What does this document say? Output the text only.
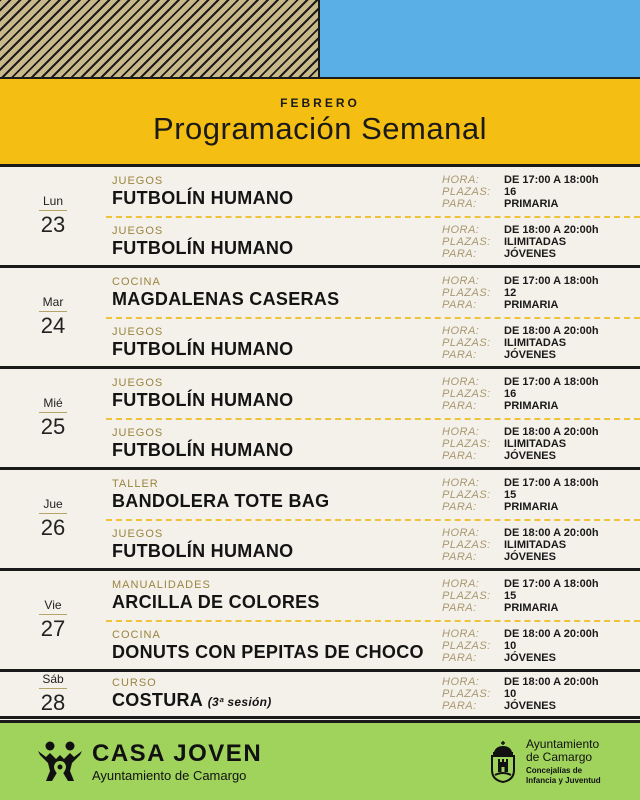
FEBRERO
Programación Semanal
Lun
23
JUEGOS
FUTBOLÍN HUMANO
HORA:	DE 17:00 A 18:00h
PLAZAS:	16
PARA:	PRIMARIA
JUEGOS
FUTBOLÍN HUMANO
HORA:	DE 18:00 A 20:00h
PLAZAS:	ILIMITADAS
PARA:	JÓVENES
Mar
24
COCINA
MAGDALENAS CASERAS
HORA:	DE 17:00 A 18:00h
PLAZAS:	12
PARA:	PRIMARIA
JUEGOS
FUTBOLÍN HUMANO
HORA:	DE 18:00 A 20:00h
PLAZAS:	ILIMITADAS
PARA:	JÓVENES
Mié
25
JUEGOS
FUTBOLÍN HUMANO
HORA:	DE 17:00 A 18:00h
PLAZAS:	16
PARA:	PRIMARIA
JUEGOS
FUTBOLÍN HUMANO
HORA:	DE 18:00 A 20:00h
PLAZAS:	ILIMITADAS
PARA:	JÓVENES
Jue
26
TALLER
BANDOLERA TOTE BAG
HORA:	DE 17:00 A 18:00h
PLAZAS:	15
PARA:	PRIMARIA
JUEGOS
FUTBOLÍN HUMANO
HORA:	DE 18:00 A 20:00h
PLAZAS:	ILIMITADAS
PARA:	JÓVENES
Vie
27
MANUALIDADES
ARCILLA DE COLORES
HORA:	DE 17:00 A 18:00h
PLAZAS:	15
PARA:	PRIMARIA
COCINA
DONUTS CON PEPITAS DE CHOCO
HORA:	DE 18:00 A 20:00h
PLAZAS:	10
PARA:	JÓVENES
Sáb
28
CURSO
COSTURA (3ª sesión)
HORA:	DE 18:00 A 20:00h
PLAZAS:	10
PARA:	JÓVENES
CASA JOVEN
Ayuntamiento de Camargo
Ayuntamiento
de Camargo
Concejalías de
Infancia y Juventud
